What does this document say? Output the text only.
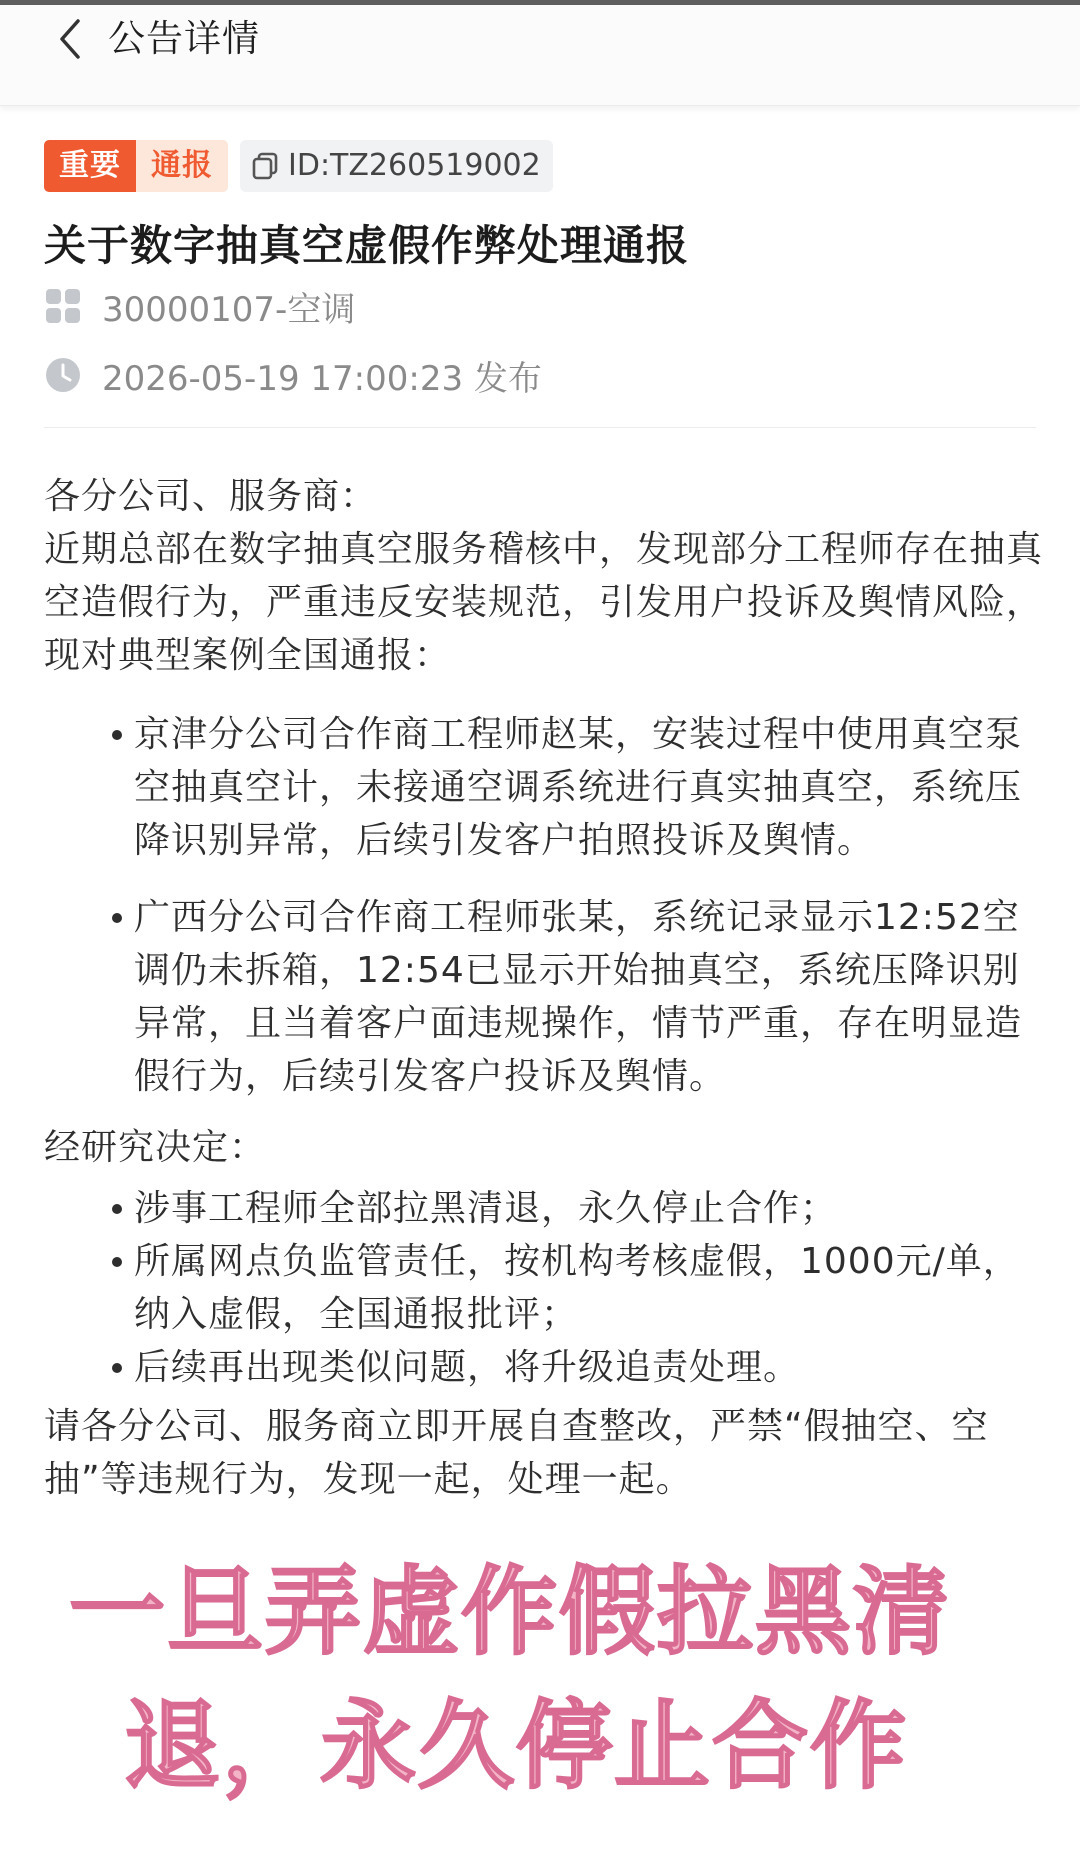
公告详情
重要	通报	ID:TZ260519002
关于数字抽真空虚假作弊处理通报
30000107-空调
2026-05-19 17:00:23 发布

各分公司、服务商：

近期总部在数字抽真空服务稽核中，发现部分工程师存在抽真空造假行为，严重违反安装规范，引发用户投诉及舆情风险，现对典型案例全国通报：

京津分公司合作商工程师赵某，安装过程中使用真空泵空抽真空计，未接通空调系统进行真实抽真空，系统压降识别异常，后续引发客户拍照投诉及舆情。
广西分公司合作商工程师张某，系统记录显示12:52空调仍未拆箱，12:54已显示开始抽真空，系统压降识别异常，且当着客户面违规操作，情节严重，存在明显造假行为，后续引发客户投诉及舆情。

经研究决定：

涉事工程师全部拉黑清退，永久停止合作；
所属网点负监管责任，按机构考核虚假，1000元/单，纳入虚假，全国通报批评；
后续再出现类似问题，将升级追责处理。

请各分公司、服务商立即开展自查整改，严禁“假抽空、空抽”等违规行为，发现一起，处理一起。

一旦弄虚作假拉黑清
退，永久停止合作
